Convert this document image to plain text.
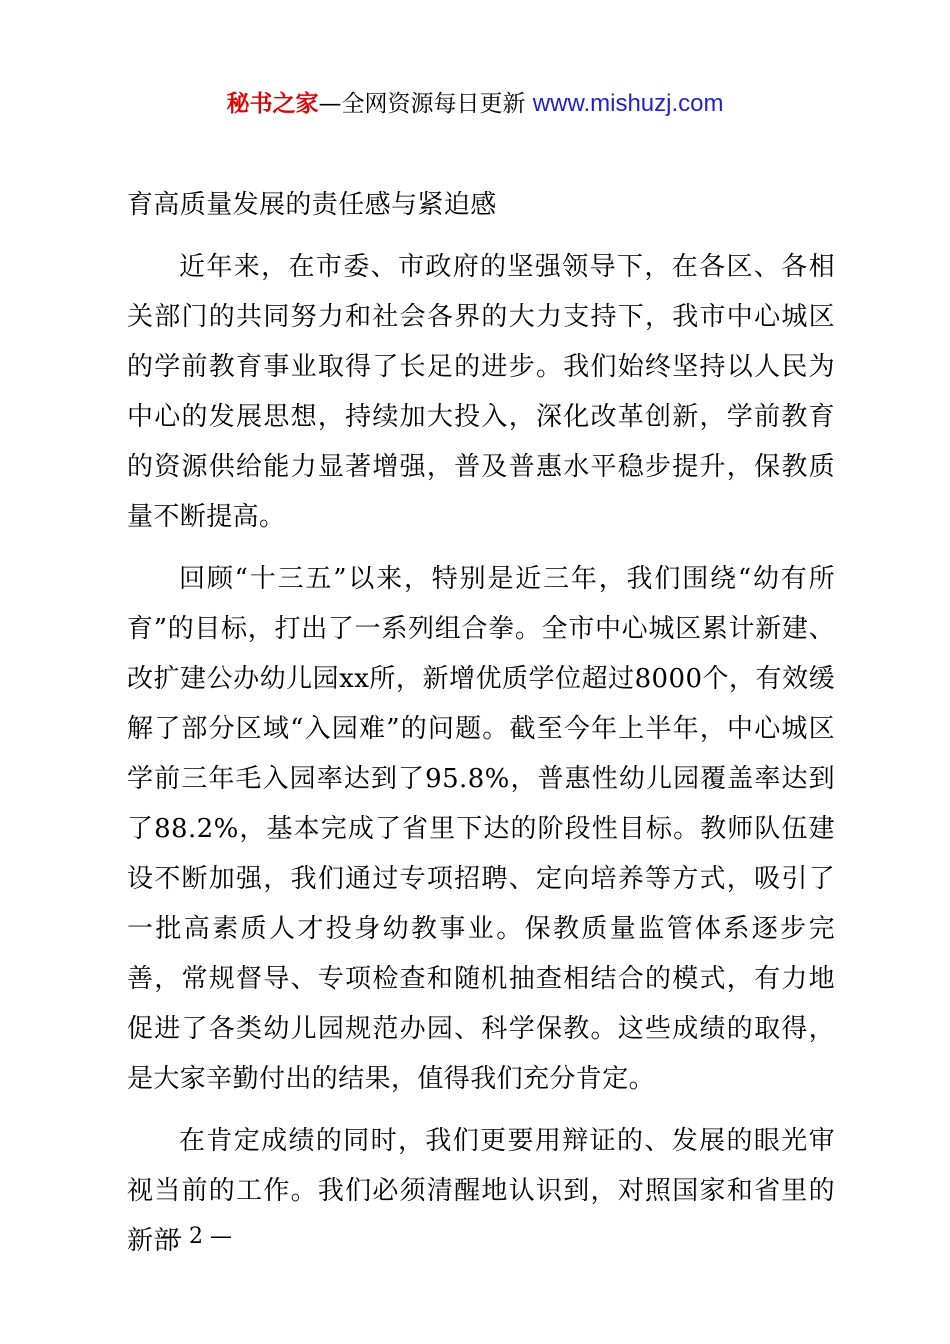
秘书之家—全网资源每日更新 www.mishuzj.com

育高质量发展的责任感与紧迫感

近年来，在市委、市政府的坚强领导下，在各区、各相关部门的共同努力和社会各界的大力支持下，我市中心城区的学前教育事业取得了长足的进步。我们始终坚持以人民为中心的发展思想，持续加大投入，深化改革创新，学前教育的资源供给能力显著增强，普及普惠水平稳步提升，保教质量不断提高。

回顾“十三五”以来，特别是近三年，我们围绕“幼有所育”的目标，打出了一系列组合拳。全市中心城区累计新建、改扩建公办幼儿园xx所，新增优质学位超过8000个，有效缓解了部分区域“入园难”的问题。截至今年上半年，中心城区学前三年毛入园率达到了95.8%，普惠性幼儿园覆盖率达到了88.2%，基本完成了省里下达的阶段性目标。教师队伍建设不断加强，我们通过专项招聘、定向培养等方式，吸引了一批高素质人才投身幼教事业。保教质量监管体系逐步完善，常规督导、专项检查和随机抽查相结合的模式，有力地促进了各类幼儿园规范办园、科学保教。这些成绩的取得，是大家辛勤付出的结果，值得我们充分肯定。

在肯定成绩的同时，我们更要用辩证的、发展的眼光审视当前的工作。我们必须清醒地认识到，对照国家和省里的新部

— 2 —
